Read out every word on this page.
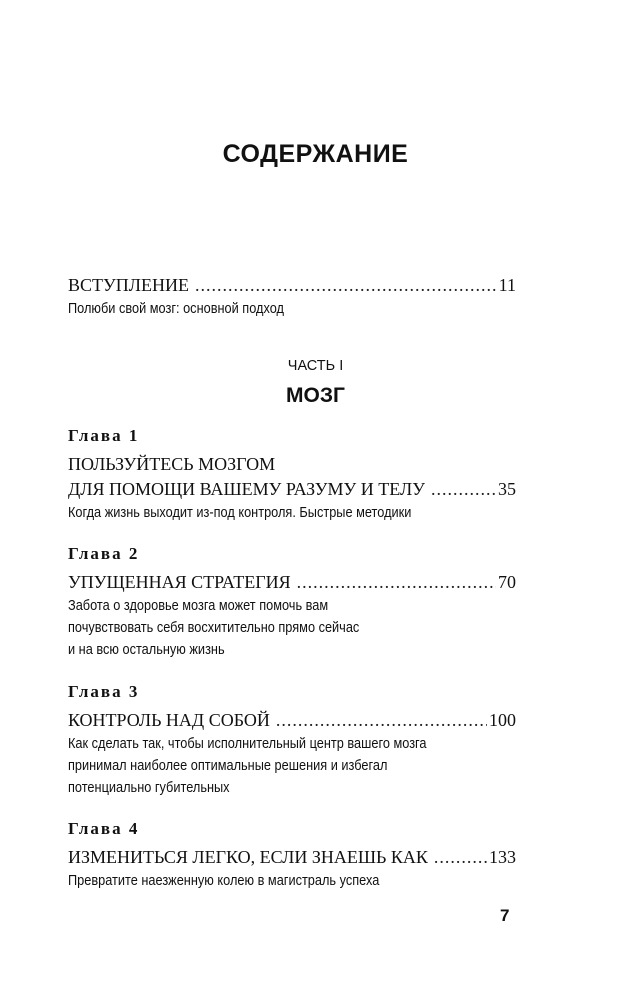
СОДЕРЖАНИЕ
ВСТУПЛЕНИЕ .....	11
Полюби свой мозг: основной подход
ЧАСТЬ I
МОЗГ
Глава 1
ПОЛЬЗУЙТЕСЬ МОЗГОМ
ДЛЯ ПОМОЩИ ВАШЕМУ РАЗУМУ И ТЕЛУ .....	35
Когда жизнь выходит из-под контроля. Быстрые методики
Глава 2
УПУЩЕННАЯ СТРАТЕГИЯ .....	70
Забота о здоровье мозга может помочь вам
почувствовать себя восхитительно прямо сейчас
и на всю остальную жизнь
Глава 3
КОНТРОЛЬ НАД СОБОЙ .....	100
Как сделать так, чтобы исполнительный центр вашего мозга
принимал наиболее оптимальные решения и избегал
потенциально губительных
Глава 4
ИЗМЕНИТЬСЯ ЛЕГКО, ЕСЛИ ЗНАЕШЬ КАК .....	133
Превратите наезженную колею в магистраль успеха
7
